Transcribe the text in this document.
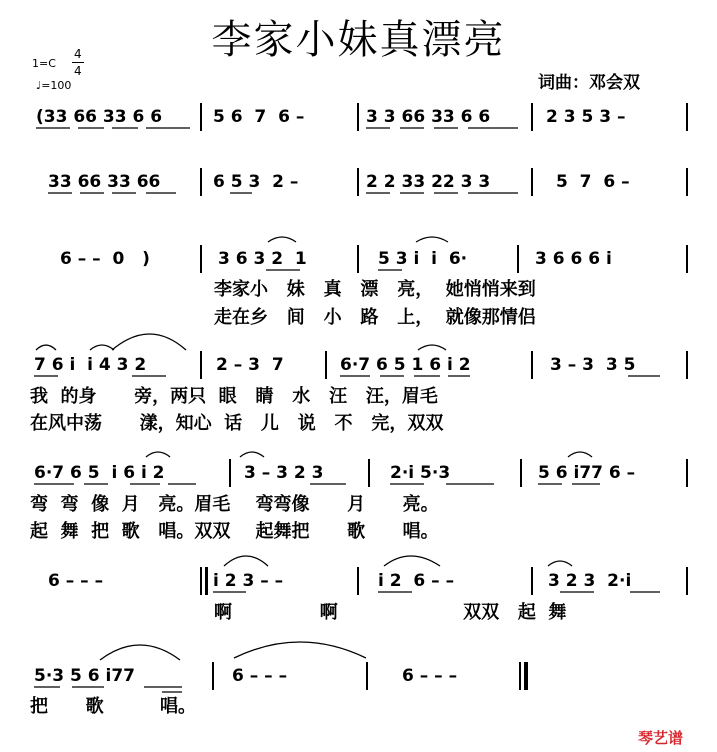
李家小妹真漂亮
1=C
4
4
♩=100	词曲：邓会双
(33 66 33 6 6	5 6  7  6 –	3 3 66 33 6 6	2 3 5 3 –
33 66 33 66	6 5 3  2 –	2 2 33 22 3 3	5  7  6 –
6 – –  0   )	3 6 3 2  1	5 3 i  i  6·	3 6 6 6 i
李家小   妹   真   漂   亮，  她悄悄来到
走在乡   间   小   路   上，  就像那情侣
7 6 i  i 4 3 2	2 – 3  7	6·7 6 5 1 6 i 2	3 – 3  3 5
我  的身      旁，两只  眼   睛   水   汪   汪，眉毛
在风中荡      漾，知心  话   儿   说   不   完，双双
6·7 6 5  i 6 i 2	3 – 3 2 3	2·i 5·3	5 6 i77 6 –
弯  弯  像  月   亮。眉毛    弯弯像      月      亮。
起  舞  把  歌   唱。双双    起舞把      歌      唱。
6 – – –	i 2 3 – –	i 2  6 – –	3 2 3  2·i
啊              啊                    双双   起  舞
5·3 5 6 i77	6 – – –	6 – – –
把      歌         唱。
琴艺谱
